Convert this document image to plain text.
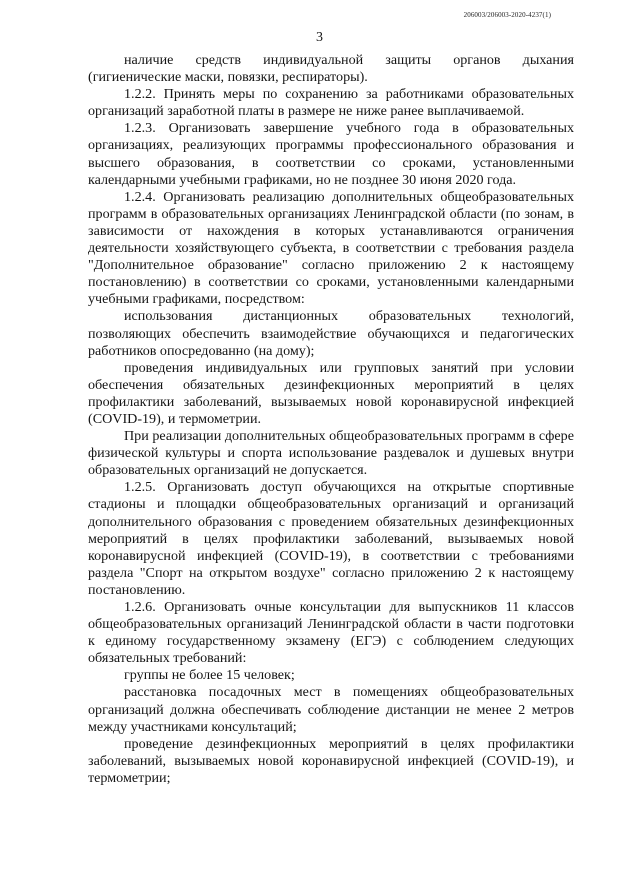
206003/206003-2020-4237(1)
3

наличие средств индивидуальной защиты органов дыхания (гигиенические маски, повязки, респираторы).

1.2.2. Принять меры по сохранению за работниками образовательных организаций заработной платы в размере не ниже ранее выплачиваемой.

1.2.3. Организовать завершение учебного года в образовательных организациях, реализующих программы профессионального образования и высшего образования, в соответствии со сроками, установленными календарными учебными графиками, но не позднее 30 июня 2020 года.

1.2.4. Организовать реализацию дополнительных общеобразовательных программ в образовательных организациях Ленинградской области (по зонам, в зависимости от нахождения в которых устанавливаются ограничения деятельности хозяйствующего субъекта, в соответствии с требования раздела "Дополнительное образование" согласно приложению 2 к настоящему постановлению) в соответствии со сроками, установленными календарными учебными графиками, посредством:

использования дистанционных образовательных технологий, позволяющих обеспечить взаимодействие обучающихся и педагогических работников опосредованно (на дому);

проведения индивидуальных или групповых занятий при условии обеспечения обязательных дезинфекционных мероприятий в целях профилактики заболеваний, вызываемых новой коронавирусной инфекцией (COVID-19), и термометрии.

При реализации дополнительных общеобразовательных программ в сфере физической культуры и спорта использование раздевалок и душевых внутри образовательных организаций не допускается.

1.2.5. Организовать доступ обучающихся на открытые спортивные стадионы и площадки общеобразовательных организаций и организаций дополнительного образования с проведением обязательных дезинфекционных мероприятий в целях профилактики заболеваний, вызываемых новой коронавирусной инфекцией (COVID-19), в соответствии с требованиями раздела "Спорт на открытом воздухе" согласно приложению 2 к настоящему постановлению.

1.2.6. Организовать очные консультации для выпускников 11 классов общеобразовательных организаций Ленинградской области в части подготовки к единому государственному экзамену (ЕГЭ) с соблюдением следующих обязательных требований:

группы не более 15 человек;

расстановка посадочных мест в помещениях общеобразовательных организаций должна обеспечивать соблюдение дистанции не менее 2 метров между участниками консультаций;

проведение дезинфекционных мероприятий в целях профилактики заболеваний, вызываемых новой коронавирусной инфекцией (COVID-19), и термометрии;
